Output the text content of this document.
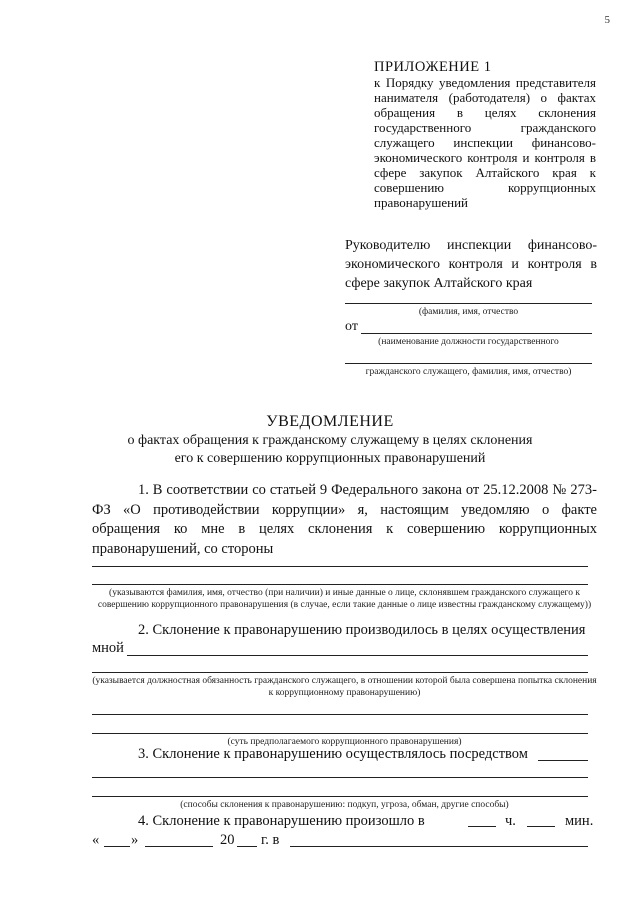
5
ПРИЛОЖЕНИЕ 1
к Порядку уведомления представителя нанимателя (работодателя) о фактах обращения в целях склонения государственного гражданского служащего инспекции финансово-экономического контроля и контроля в сфере закупок Алтайского края к совершению коррупционных правонарушений
Руководителю инспекции финансово-экономического контроля и контроля в сфере закупок Алтайского края
(фамилия, имя, отчество
от
(наименование должности государственного
гражданского служащего, фамилия, имя, отчество)
УВЕДОМЛЕНИЕ
о фактах обращения к гражданскому служащему в целях склонения
его к совершению коррупционных правонарушений
1. В соответствии со статьей 9 Федерального закона от 25.12.2008 № 273-ФЗ «О противодействии коррупции» я, настоящим уведомляю о факте обращения ко мне в целях склонения к совершению коррупционных правонарушений, со стороны
(указываются фамилия, имя, отчество (при наличии) и иные данные о лице, склонявшем гражданского служащего к совершению коррупционного правонарушения (в случае, если такие данные о лице известны гражданскому служащему))
2. Склонение к правонарушению производилось в целях осуществления
мной
(указывается должностная обязанность гражданского служащего, в отношении которой была совершена попытка склонения к коррупционному правонарушению)
(суть предполагаемого коррупционного правонарушения)
3. Склонение к правонарушению осуществлялось посредством
(способы склонения к правонарушению: подкуп, угроза, обман, другие способы)
4. Склонение к правонарушению произошло в	ч.	мин.
« »	20 г. в
